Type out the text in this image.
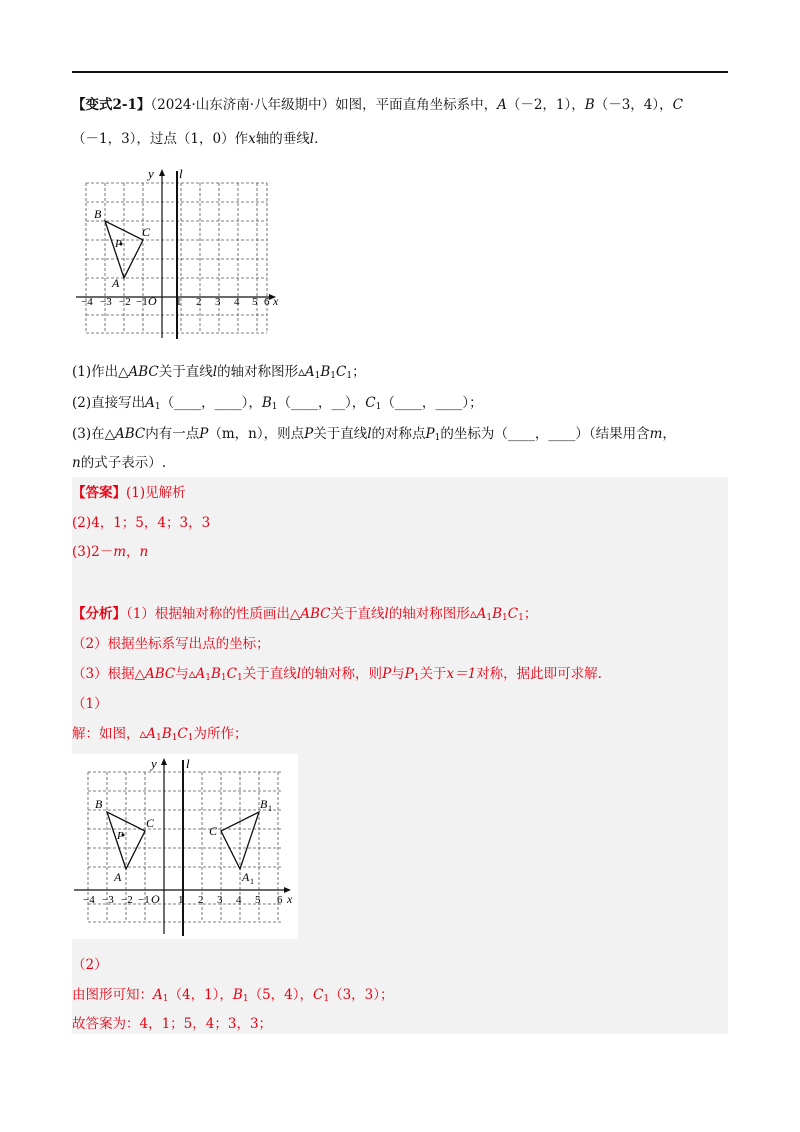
【变式2-1】（2024·山东济南·八年级期中）如图，平面直角坐标系中，A（－2，1），B（－3，4），C
（－1，3），过点（1，0）作x轴的垂线l.
y l
x
O
−4 −3 −2 −1	1 2 3 4 5 6
B
A
C
P
(1)作出△ABC关于直线l的轴对称图形$▵A_1B_1C_1$；
(2)直接写出$A_1(\_\_\_\_$，____），$B_1(\_\_\_\_$，__），$C_1(\_\_\_\_$，____）；
(3)在△ABC内有一点P（m，n），则点P关于直线l的对称点$P_1$的坐标为（____，____）（结果用含m，
n的式子表示）.
【答案】(1)见解析
(2)4，1；5，4；3，3
(3)2－m，n
【分析】（1）根据轴对称的性质画出△ABC关于直线l的轴对称图形$▵A_1B_1C_1$；
（2）根据坐标系写出点的坐标；
（3）根据△ABC与$▵A_1B_1C_1$关于直线l的轴对称，则P与$P_1$关于x＝1对称，据此即可求解.
（1）
解：如图，$▵A_1B_1C_1$为所作；
y l
x
O
−4 −3 −2 −1	1 2 3 4 5 6
B
A
C
P
B 1
A 1
C
（2）
由图形可知：$A_1(4$，1），$B_1(5$，4），$C_1(3$，3）；
故答案为：4，1；5，4；3，3；
